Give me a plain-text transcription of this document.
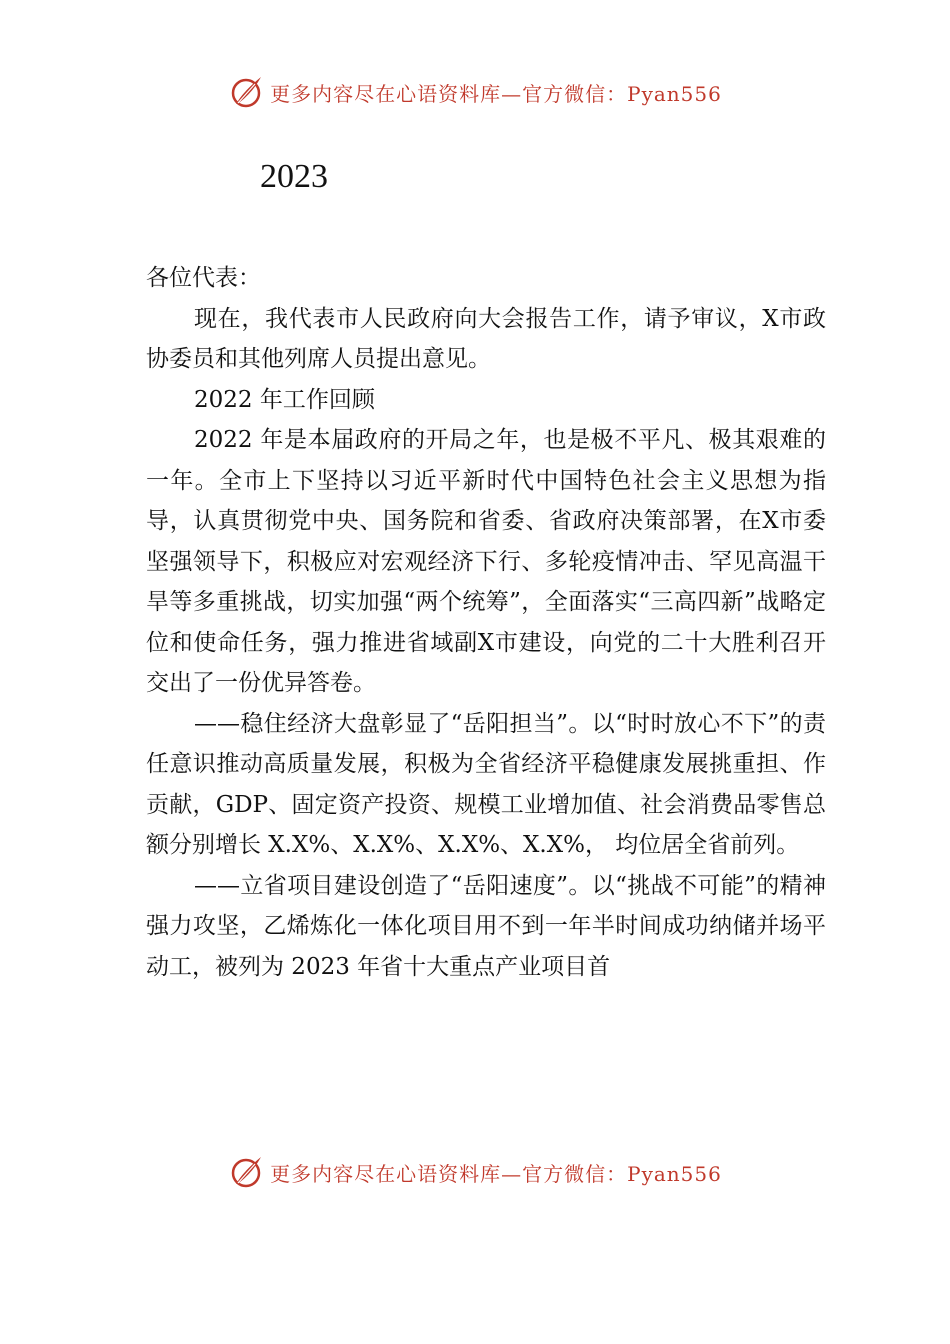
更多内容尽在心语资料库—官方微信：Pyan556
2023

各位代表：

现在，我代表市人民政府向大会报告工作，请予审议，X市政协委员和其他列席人员提出意见。

2022 年工作回顾

2022 年是本届政府的开局之年，也是极不平凡、极其艰难的一年。全市上下坚持以习近平新时代中国特色社会主义思想为指导，认真贯彻党中央、国务院和省委、省政府决策部署，在X市委坚强领导下，积极应对宏观经济下行、多轮疫情冲击、罕见高温干旱等多重挑战，切实加强“两个统筹”，全面落实“三高四新”战略定位和使命任务，强力推进省域副X市建设，向党的二十大胜利召开交出了一份优异答卷。

——稳住经济大盘彰显了“岳阳担当”。以“时时放心不下”的责任意识推动高质量发展，积极为全省经济平稳健康发展挑重担、作贡献，GDP、固定资产投资、规模工业增加值、社会消费品零售总额分别增长 X.X%、X.X%、X.X%、X.X%， 均位居全省前列。

——立省项目建设创造了“岳阳速度”。以“挑战不可能”的精神强力攻坚，乙烯炼化一体化项目用不到一年半时间成功纳储并场平动工，被列为 2023 年省十大重点产业项目首

更多内容尽在心语资料库—官方微信：Pyan556
